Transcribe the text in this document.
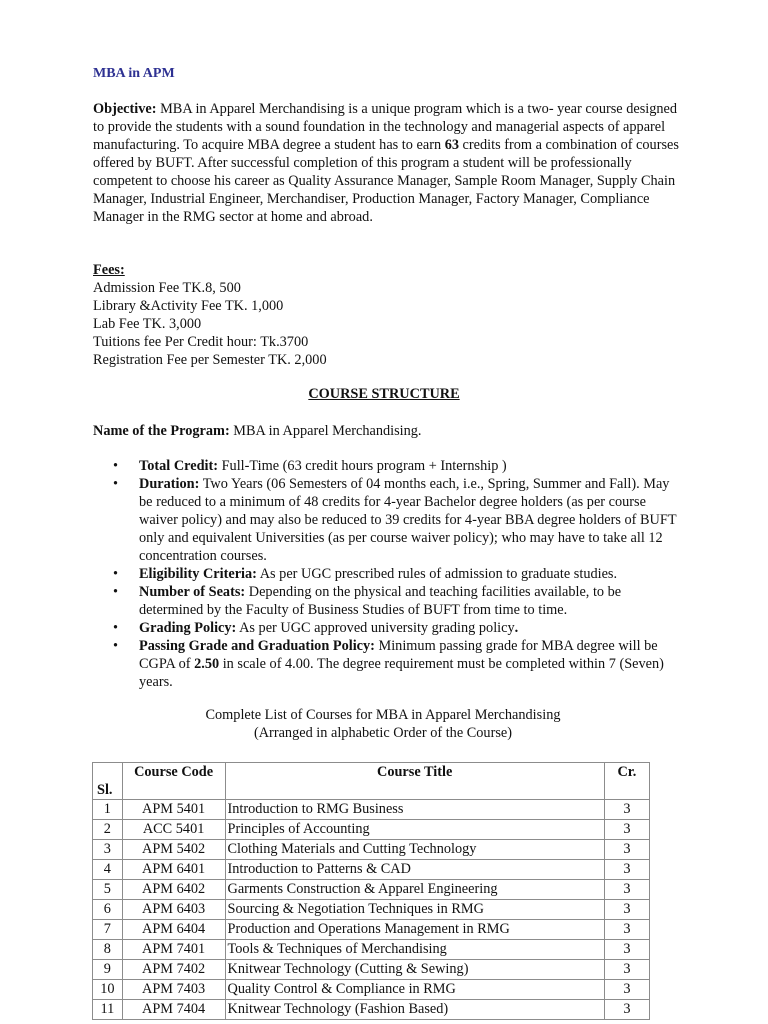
MBA in APM

Objective: MBA in Apparel Merchandising is a unique program which is a two- year course designed to provide the students with a sound foundation in the technology and managerial aspects of apparel manufacturing. To acquire MBA degree a student has to earn 63 credits from a combination of courses offered by BUFT. After successful completion of this program a student will be professionally competent to choose his career as Quality Assurance Manager, Sample Room Manager, Supply Chain Manager, Industrial Engineer, Merchandiser, Production Manager, Factory Manager, Compliance Manager in the RMG sector at home and abroad.

Fees:
Admission Fee TK.8, 500
Library &Activity Fee TK. 1,000
Lab Fee TK. 3,000
Tuitions fee Per Credit hour: Tk.3700
Registration Fee per Semester TK. 2,000
COURSE STRUCTURE
Name of the Program: MBA in Apparel Merchandising.
• Total Credit: Full-Time (63 credit hours program + Internship )
• Duration: Two Years (06 Semesters of 04 months each, i.e., Spring, Summer and Fall). May be reduced to a minimum of 48 credits for 4-year Bachelor degree holders (as per course waiver policy) and may also be reduced to 39 credits for 4-year BBA degree holders of BUFT only and equivalent Universities (as per course waiver policy); who may have to take all 12 concentration courses.
• Eligibility Criteria: As per UGC prescribed rules of admission to graduate studies.
• Number of Seats: Depending on the physical and teaching facilities available, to be determined by the Faculty of Business Studies of BUFT from time to time.
• Grading Policy: As per UGC approved university grading policy.
• Passing Grade and Graduation Policy: Minimum passing grade for MBA degree will be CGPA of 2.50 in scale of 4.00. The degree requirement must be completed within 7 (Seven) years.
Complete List of Courses for MBA in Apparel Merchandising
(Arranged in alphabetic Order of the Course)
Sl.	Course Code	Course Title	Cr.
1	APM 5401	Introduction to RMG Business	3
2	ACC 5401	Principles of Accounting	3
3	APM 5402	Clothing Materials and Cutting Technology	3
4	APM 6401	Introduction to Patterns & CAD	3
5	APM 6402	Garments Construction & Apparel Engineering	3
6	APM 6403	Sourcing & Negotiation Techniques in RMG	3
7	APM 6404	Production and Operations Management in RMG	3
8	APM 7401	Tools & Techniques of Merchandising	3
9	APM 7402	Knitwear Technology (Cutting & Sewing)	3
10	APM 7403	Quality Control & Compliance in RMG	3
11	APM 7404	Knitwear Technology (Fashion Based)	3
